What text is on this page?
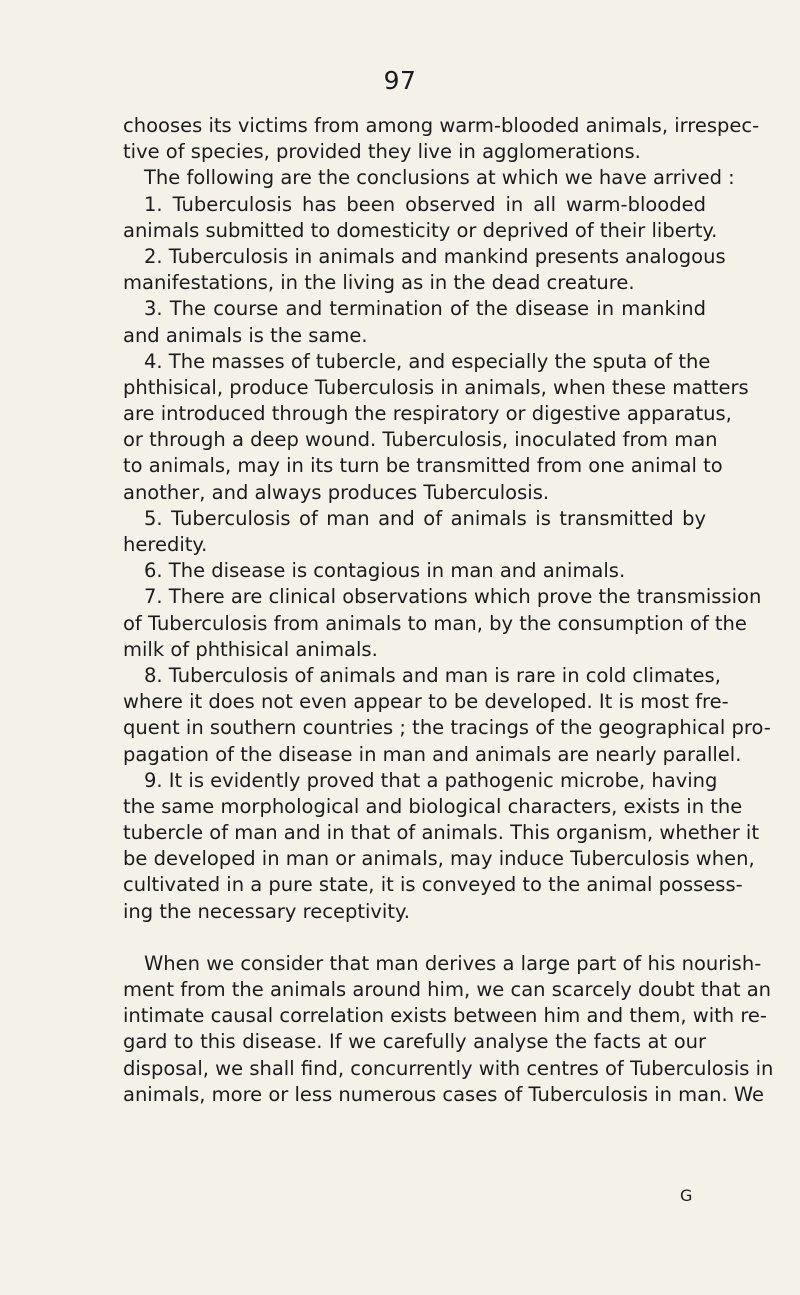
97
chooses its victims from among warm-blooded animals, irrespec-
tive of species, provided they live in agglomerations.
The following are the conclusions at which we have arrived :
1. Tuberculosis has been observed in all warm-blooded
animals submitted to domesticity or deprived of their liberty.
2. Tuberculosis in animals and mankind presents analogous
manifestations, in the living as in the dead creature.
3. The course and termination of the disease in mankind
and animals is the same.
4. The masses of tubercle, and especially the sputa of the
phthisical, produce Tuberculosis in animals, when these matters
are introduced through the respiratory or digestive apparatus,
or through a deep wound. Tuberculosis, inoculated from man
to animals, may in its turn be transmitted from one animal to
another, and always produces Tuberculosis.
5. Tuberculosis of man and of animals is transmitted by
heredity.
6. The disease is contagious in man and animals.
7. There are clinical observations which prove the transmission
of Tuberculosis from animals to man, by the consumption of the
milk of phthisical animals.
8. Tuberculosis of animals and man is rare in cold climates,
where it does not even appear to be developed. It is most fre-
quent in southern countries ; the tracings of the geographical pro-
pagation of the disease in man and animals are nearly parallel.
9. It is evidently proved that a pathogenic microbe, having
the same morphological and biological characters, exists in the
tubercle of man and in that of animals. This organism, whether it
be developed in man or animals, may induce Tuberculosis when,
cultivated in a pure state, it is conveyed to the animal possess-
ing the necessary receptivity.
When we consider that man derives a large part of his nourish-
ment from the animals around him, we can scarcely doubt that an
intimate causal correlation exists between him and them, with re-
gard to this disease. If we carefully analyse the facts at our
disposal, we shall find, concurrently with centres of Tuberculosis in
animals, more or less numerous cases of Tuberculosis in man. We
G
